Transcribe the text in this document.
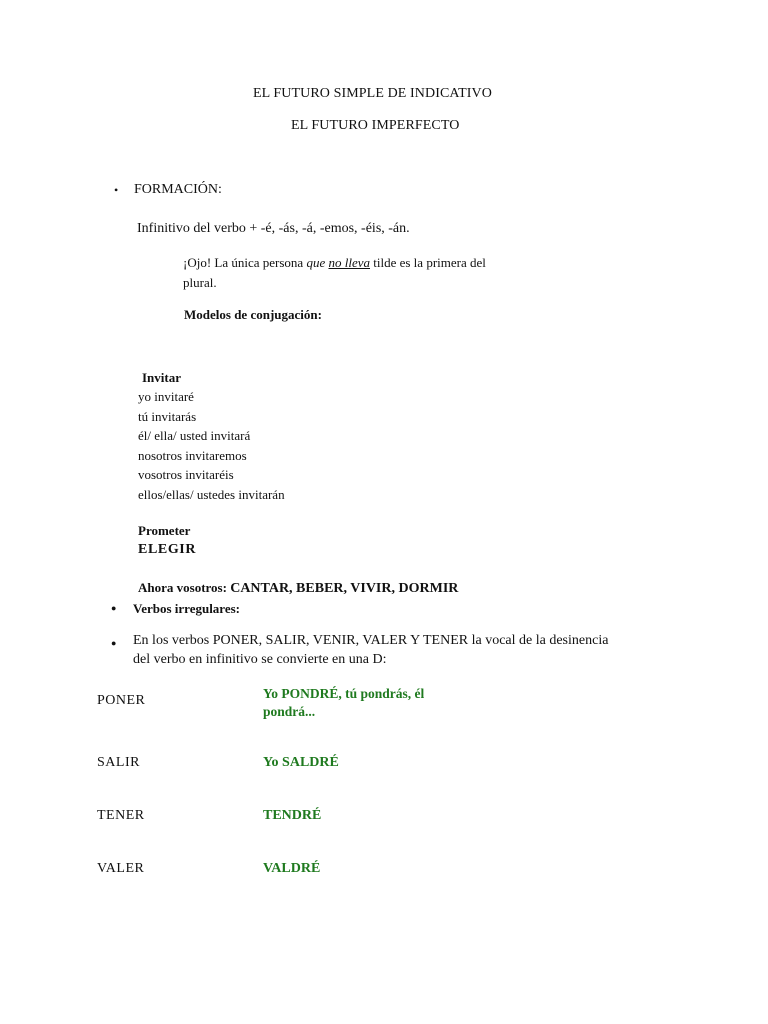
EL FUTURO SIMPLE DE INDICATIVO
EL FUTURO IMPERFECTO
• FORMACIÓN:
Infinitivo del verbo + -é, -ás, -á, -emos, -éis, -án.
¡Ojo! La única persona que no lleva tilde es la primera del
plural.
Modelos de conjugación:
Invitar
yo invitaré
tú invitarás
él/ ella/ usted invitará
nosotros invitaremos
vosotros invitaréis
ellos/ellas/ ustedes invitarán
Prometer
ELEGIR
Ahora vosotros: CANTAR, BEBER, VIVIR, DORMIR
● Verbos irregulares:
● En los verbos PONER, SALIR, VENIR, VALER Y TENER la vocal de la desinencia
del verbo en infinitivo se convierte en una D:
PONER	Yo PONDRÉ, tú pondrás, él
pondrá...
SALIR	Yo SALDRÉ
TENER	TENDRÉ
VALER	VALDRÉ
